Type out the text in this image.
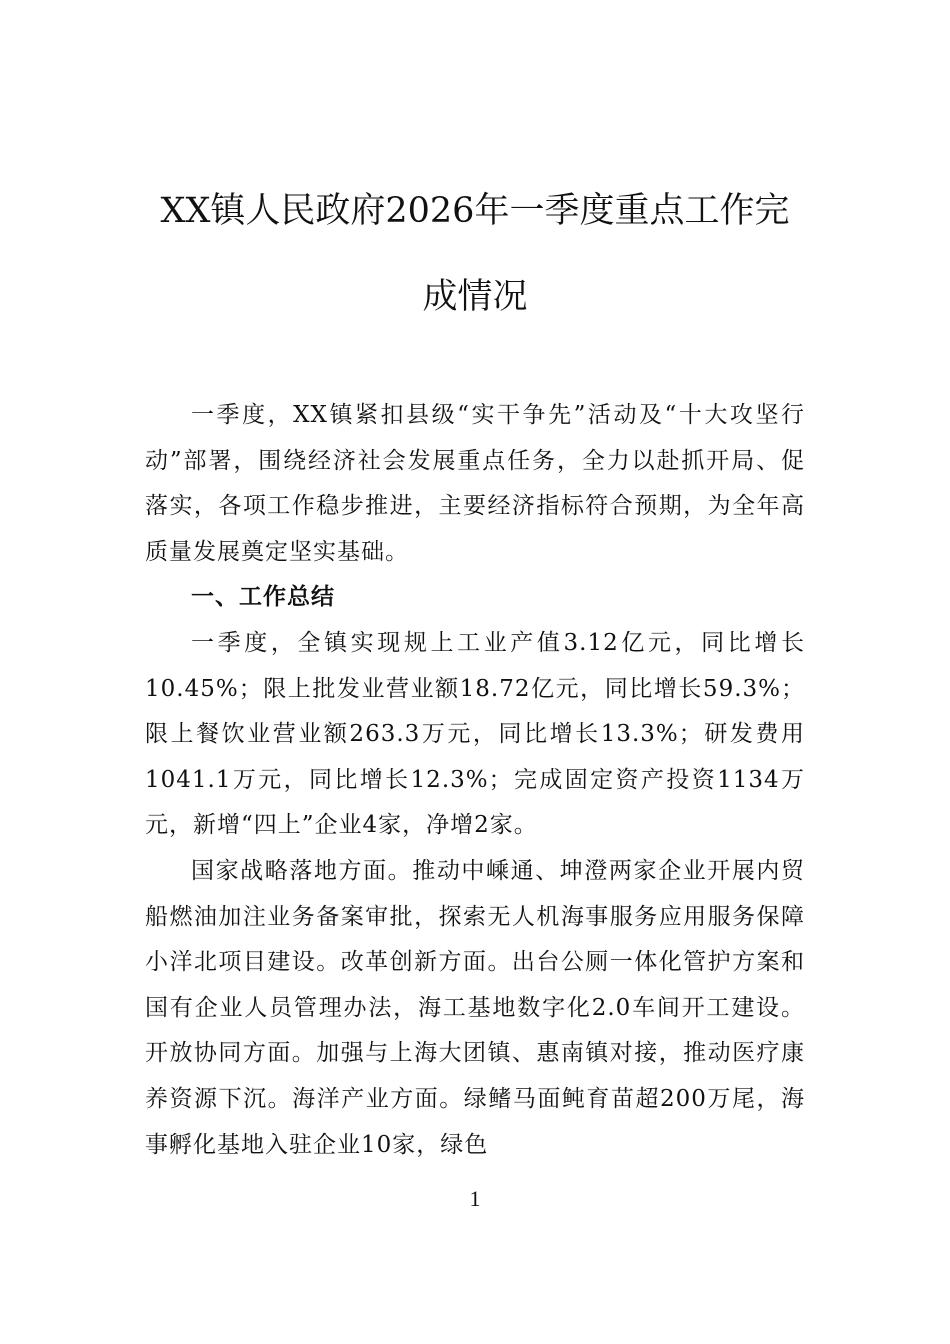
XX镇人民政府2026年一季度重点工作完成情况

一季度，XX镇紧扣县级“实干争先”活动及“十大攻坚行动”部署，围绕经济社会发展重点任务，全力以赴抓开局、促落实，各项工作稳步推进，主要经济指标符合预期，为全年高质量发展奠定坚实基础。

一、工作总结

一季度，全镇实现规上工业产值3.12亿元，同比增长10.45%；限上批发业营业额18.72亿元，同比增长59.3%；限上餐饮业营业额263.3万元，同比增长13.3%；研发费用1041.1万元，同比增长12.3%；完成固定资产投资1134万元，新增“四上”企业4家，净增2家。

国家战略落地方面。推动中嵊通、坤澄两家企业开展内贸船燃油加注业务备案审批，探索无人机海事服务应用服务保障小洋北项目建设。改革创新方面。出台公厕一体化管护方案和国有企业人员管理办法，海工基地数字化2.0车间开工建设。开放协同方面。加强与上海大团镇、惠南镇对接，推动医疗康养资源下沉。海洋产业方面。绿鳍马面鲀育苗超200万尾，海事孵化基地入驻企业10家，绿色

1
